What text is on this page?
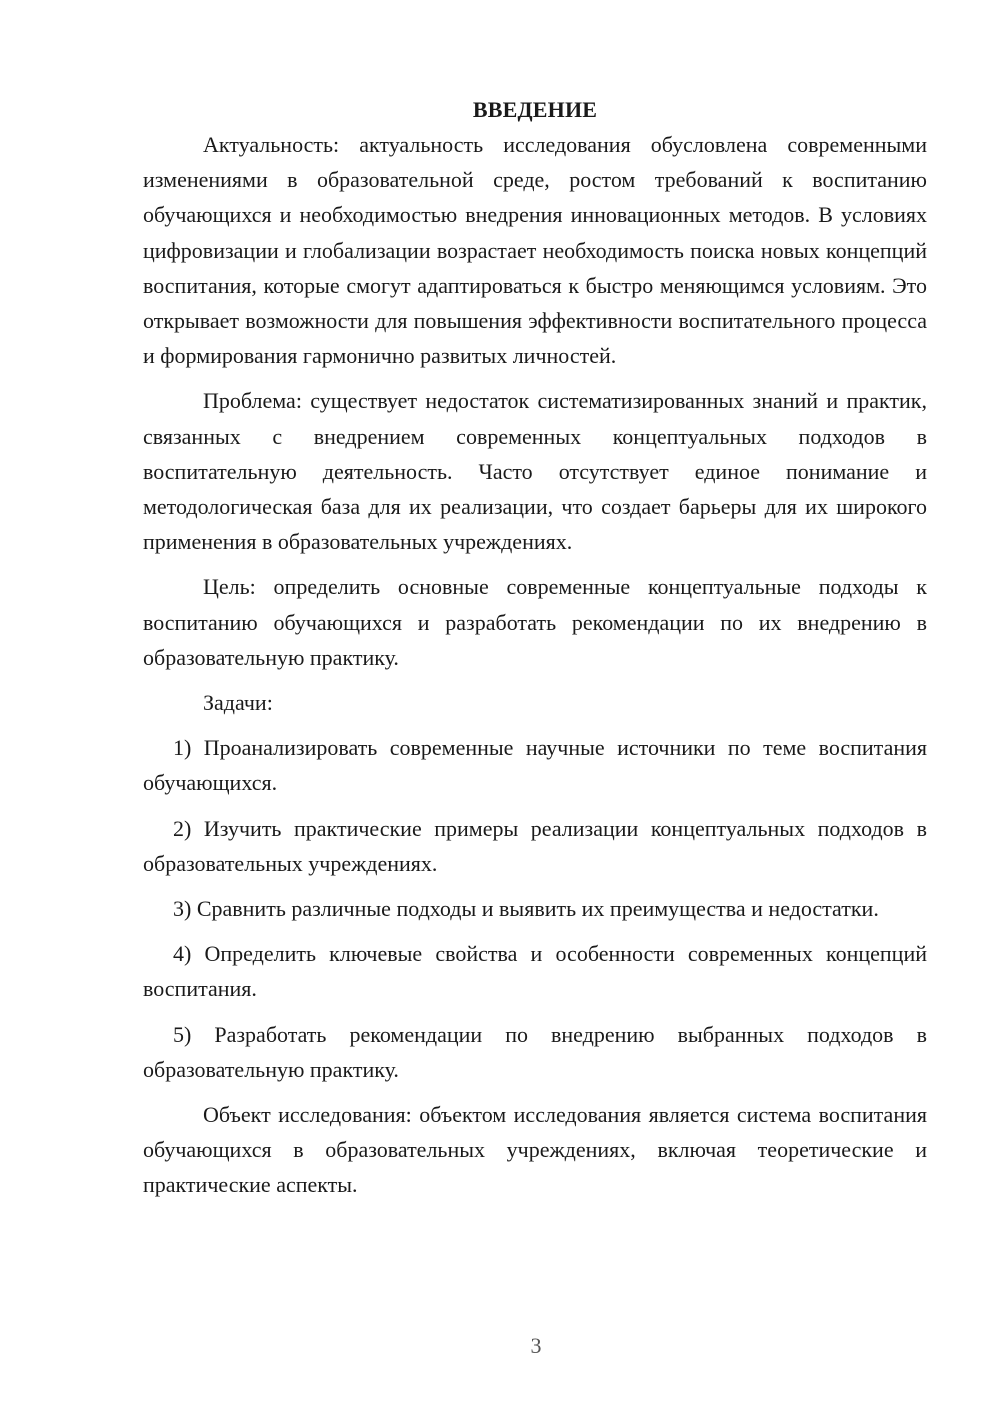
ВВЕДЕНИЕ

Актуальность: актуальность исследования обусловлена современными изменениями в образовательной среде, ростом требований к воспитанию обучающихся и необходимостью внедрения инновационных методов. В условиях цифровизации и глобализации возрастает необходимость поиска новых концепций воспитания, которые смогут адаптироваться к быстро меняющимся условиям. Это открывает возможности для повышения эффективности воспитательного процесса и формирования гармонично развитых личностей.

Проблема: существует недостаток систематизированных знаний и практик, связанных с внедрением современных концептуальных подходов в воспитательную деятельность. Часто отсутствует единое понимание и методологическая база для их реализации, что создает барьеры для их широкого применения в образовательных учреждениях.

Цель: определить основные современные концептуальные подходы к воспитанию обучающихся и разработать рекомендации по их внедрению в образовательную практику.

Задачи:

1) Проанализировать современные научные источники по теме воспитания обучающихся.

2) Изучить практические примеры реализации концептуальных подходов в образовательных учреждениях.

3) Сравнить различные подходы и выявить их преимущества и недостатки.

4) Определить ключевые свойства и особенности современных концепций воспитания.

5) Разработать рекомендации по внедрению выбранных подходов в образовательную практику.

Объект исследования: объектом исследования является система воспитания обучающихся в образовательных учреждениях, включая теоретические и практические аспекты.

3
